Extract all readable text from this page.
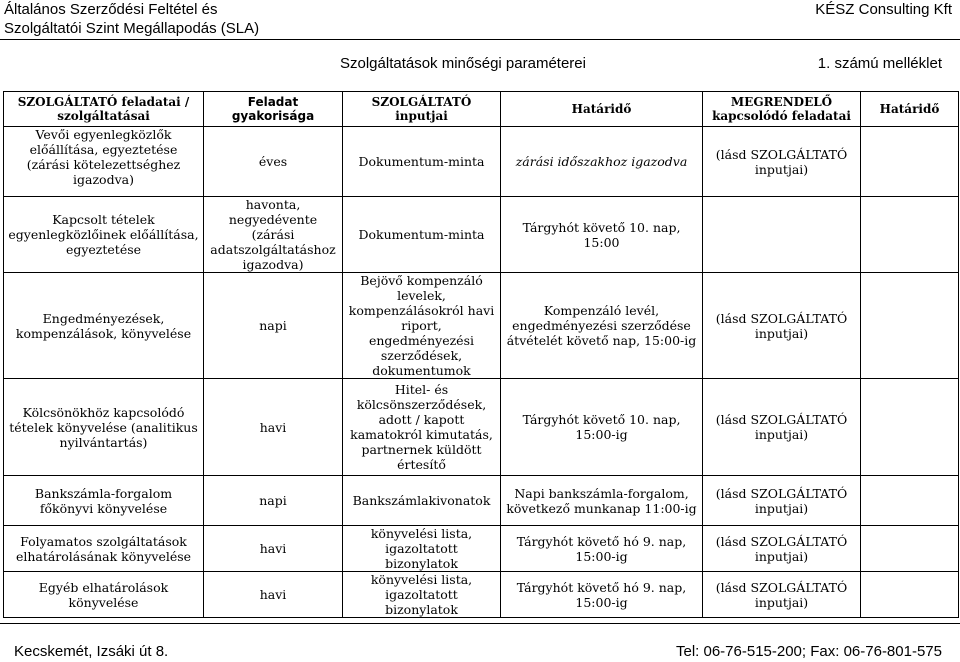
Általános Szerződési Feltétel és
Szolgáltatói Szint Megállapodás (SLA)
KÉSZ Consulting Kft
Szolgáltatások minőségi paraméterei	1. számú melléklet
SZOLGÁLTATÓ feladatai / szolgáltatásai	Feladat gyakorisága	SZOLGÁLTATÓ inputjai	Határidő	MEGRENDELŐ kapcsolódó feladatai	Határidő
Vevői egyenlegközlők előállítása, egyeztetése (zárási kötelezettséghez igazodva)	éves	Dokumentum-minta	zárási időszakhoz igazodva	(lásd SZOLGÁLTATÓ inputjai)	
Kapcsolt tételek egyenlegközlőinek előállítása, egyeztetése	havonta, negyedévente (zárási adatszolgáltatáshoz igazodva)	Dokumentum-minta	Tárgyhót követő 10. nap, 15:00		
Engedményezések, kompenzálások, könyvelése	napi	Bejövő kompenzáló levelek, kompenzálásokról havi riport, engedményezési szerződések, dokumentumok	Kompenzáló levél, engedményezési szerződése átvételét követő nap, 15:00-ig	(lásd SZOLGÁLTATÓ inputjai)	
Kölcsönökhöz kapcsolódó tételek könyvelése (analitikus nyilvántartás)	havi	Hitel- és kölcsönszerződések, adott / kapott kamatokról kimutatás, partnernek küldött értesítő	Tárgyhót követő 10. nap, 15:00-ig	(lásd SZOLGÁLTATÓ inputjai)	
Bankszámla-forgalom főkönyvi könyvelése	napi	Bankszámlakivonatok	Napi bankszámla-forgalom, következő munkanap 11:00-ig	(lásd SZOLGÁLTATÓ inputjai)	
Folyamatos szolgáltatások elhatárolásának könyvelése	havi	könyvelési lista, igazoltatott bizonylatok	Tárgyhót követő hó 9. nap, 15:00-ig	(lásd SZOLGÁLTATÓ inputjai)	
Egyéb elhatárolások könyvelése	havi	könyvelési lista, igazoltatott bizonylatok	Tárgyhót követő hó 9. nap, 15:00-ig	(lásd SZOLGÁLTATÓ inputjai)	
Kecskemét, Izsáki út 8.	Tel: 06-76-515-200; Fax: 06-76-801-575
